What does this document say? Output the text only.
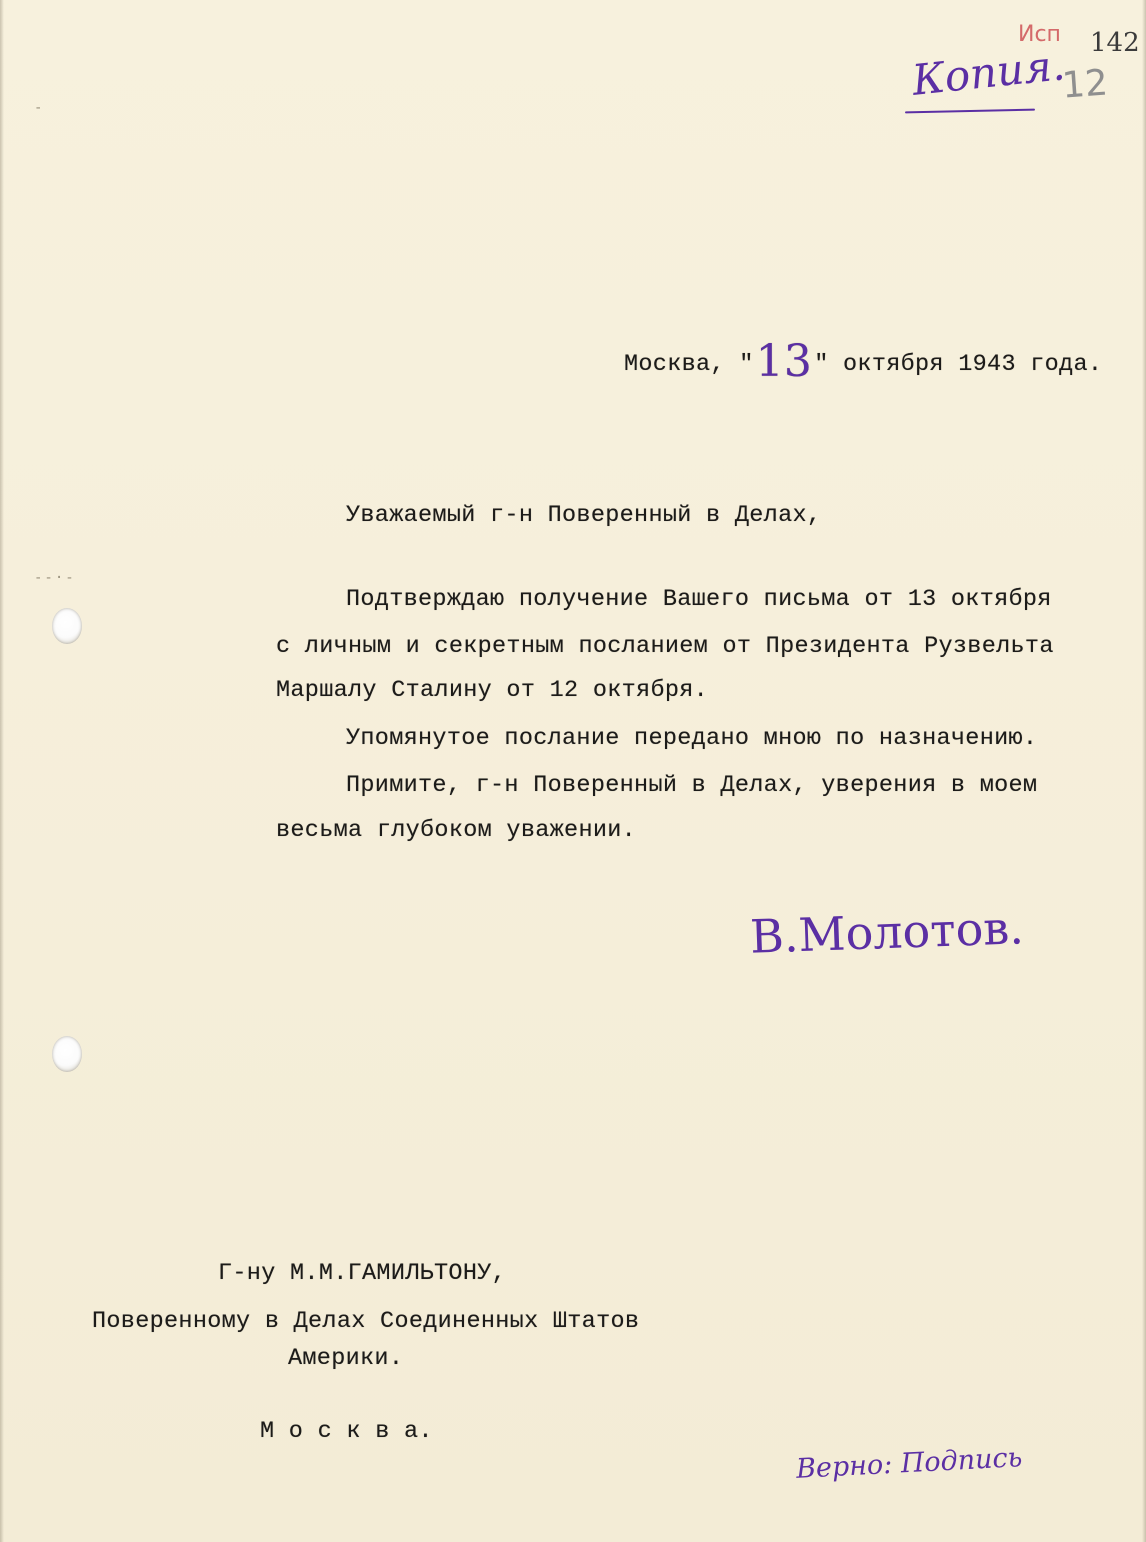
-
--·-
Копия.
Исп 142
12
Москва, "13" октября 1943 года.
Уважаемый г-н Поверенный в Делах,
Подтверждаю получение Вашего письма от 13 октября
с личным и секретным посланием от Президента Рузвельта
Маршалу Сталину от 12 октября.
Упомянутое послание передано мною по назначению.
Примите, г-н Поверенный в Делах, уверения в моем
весьма глубоком уважении.
В.Молотов.
Г-ну М.М.ГАМИЛЬТОНУ,
Поверенному в Делах Соединенных Штатов
Америки.
М о с к в а.
Верно: Подпись
